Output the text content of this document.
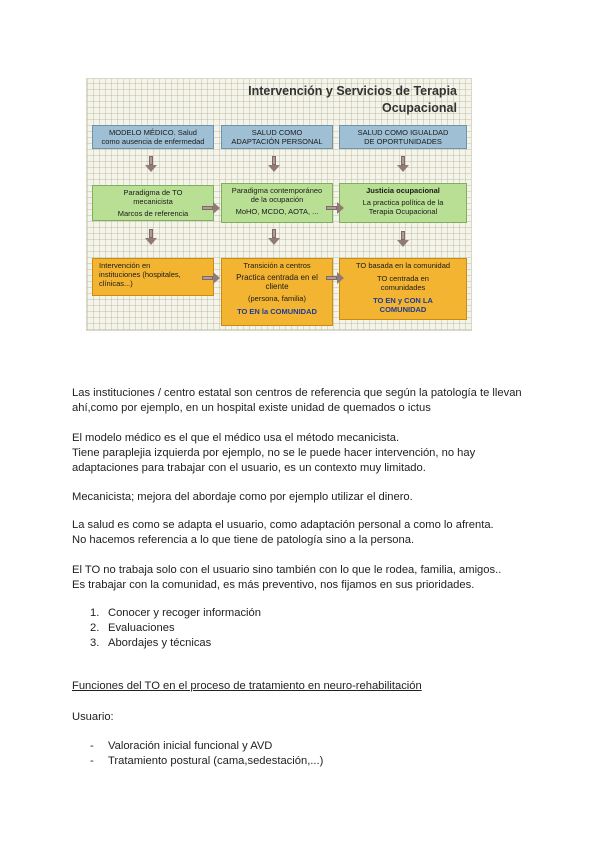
Intervención y Servicios de Terapia
Ocupacional
MODELO MÉDICO. Salud
como ausencia de enfermedad
Paradigma de TO
mecanicista
Marcos de referencia
Intervención en
instituciones (hospitales,
clínicas...)
SALUD COMO
ADAPTACIÓN PERSONAL
Paradigma contemporáneo
de la ocupación
MoHO, MCDO, AOTA, ...
Transición a centros
Practica centrada en el
cliente
(persona, familia)
TO EN la COMUNIDAD
SALUD COMO IGUALDAD
DE OPORTUNIDADES
Justicia ocupacional
La practica política de la
Terapia Ocupacional
TO basada en la comunidad
TO centrada en
comunidades
TO EN y CON LA
COMUNIDAD

Las instituciones / centro estatal son centros de referencia que según la patología te llevan

ahí,como por ejemplo, en un hospital existe unidad de quemados o ictus

El modelo médico es el que el médico usa el método mecanicista.

Tiene paraplejia izquierda por ejemplo, no se le puede hacer intervención, no hay

adaptaciones para trabajar con el usuario, es un contexto muy limitado.

Mecanicista; mejora del abordaje como por ejemplo utilizar el dinero.

La salud es como se adapta el usuario, como adaptación personal a como lo afrenta.

No hacemos referencia a lo que tiene de patología sino a la persona.

El TO no trabaja solo con el usuario sino también con lo que le rodea, familia, amigos..

Es trabajar con la comunidad, es más preventivo, nos fijamos en sus prioridades.

1. Conocer y recoger información
2. Evaluaciones
3. Abordajes y técnicas
Funciones del TO en el proceso de tratamiento en neuro-rehabilitación

Usuario:

-	Valoración inicial funcional y AVD
-	Tratamiento postural (cama,sedestación,...)
